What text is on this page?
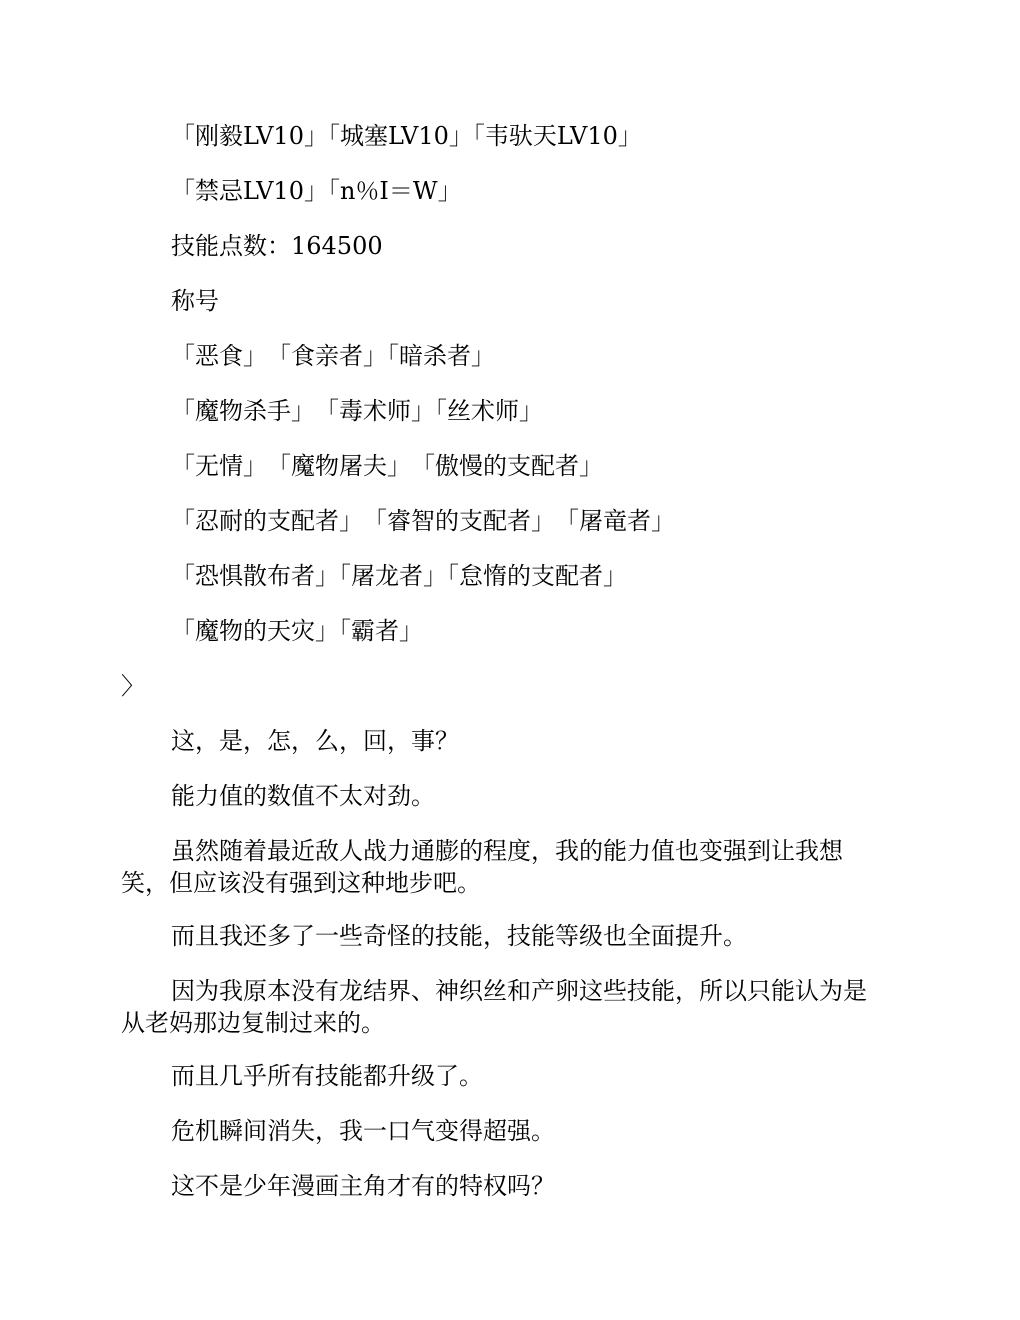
「刚毅LV10」「城塞LV10」「韦驮天LV10」

「禁忌LV10」「n％I＝W」

技能点数：164500

称号

「恶食」　「食亲者」「暗杀者」

「魔物杀手」　「毒术师」「丝术师」

「无情」　「魔物屠夫」　「傲慢的支配者」

「忍耐的支配者」　「睿智的支配者」　「屠竜者」

「恐惧散布者」「屠龙者」「怠惰的支配者」

「魔物的天灾」「霸者」

〉

这，是，怎，么，回，事？

能力值的数值不太对劲。

虽然随着最近敌人战力通膨的程度，我的能力值也变强到让我想
笑，但应该没有强到这种地步吧。

而且我还多了一些奇怪的技能，技能等级也全面提升。

因为我原本没有龙结界、神织丝和产卵这些技能，所以只能认为是
从老妈那边复制过来的。

而且几乎所有技能都升级了。

危机瞬间消失，我一口气变得超强。

这不是少年漫画主角才有的特权吗？
